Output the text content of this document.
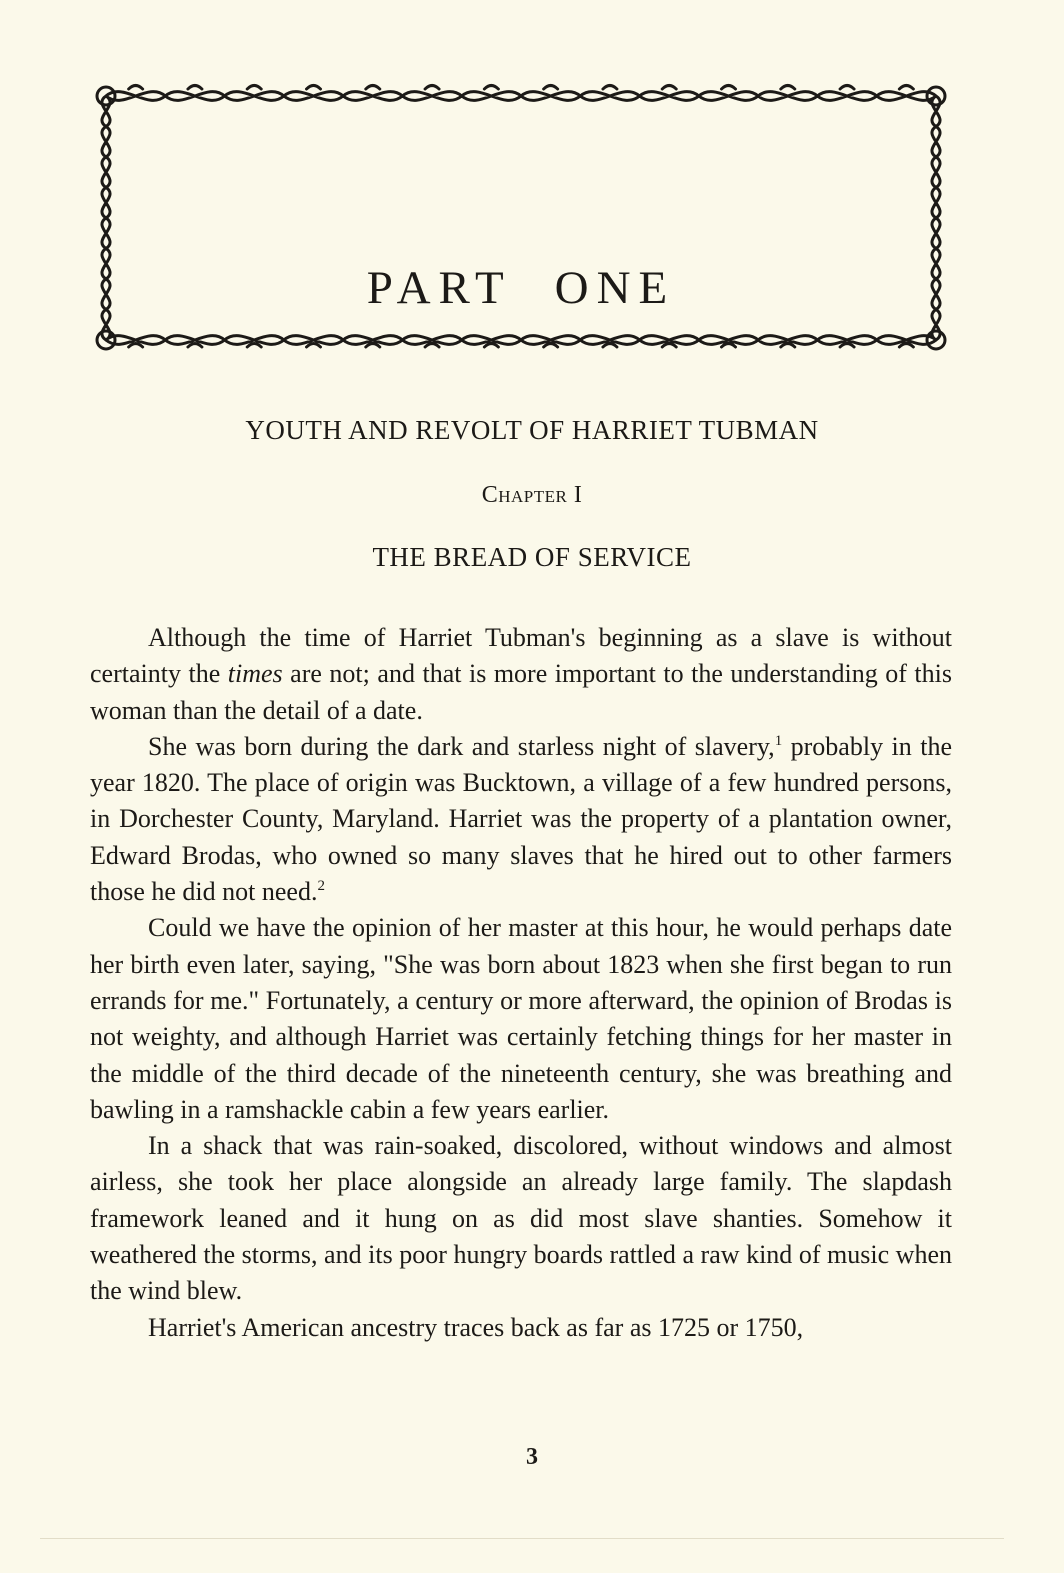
PART ONE
YOUTH AND REVOLT OF HARRIET TUBMAN
Chapter I
THE BREAD OF SERVICE

Although the time of Harriet Tubman's beginning as a slave is without certainty the times are not; and that is more important to the understanding of this woman than the detail of a date.

She was born during the dark and starless night of slavery,$^1$ probably in the year 1820. The place of origin was Bucktown, a village of a few hundred persons, in Dorchester County, Maryland. Harriet was the property of a plantation owner, Edward Brodas, who owned so many slaves that he hired out to other farmers those he did not need.$^2$

Could we have the opinion of her master at this hour, he would perhaps date her birth even later, saying, "She was born about 1823 when she first began to run errands for me." Fortunately, a century or more afterward, the opinion of Brodas is not weighty, and although Harriet was certainly fetching things for her master in the middle of the third decade of the nineteenth century, she was breathing and bawling in a ramshackle cabin a few years earlier.

In a shack that was rain-soaked, discolored, without windows and almost airless, she took her place alongside an already large family. The slapdash framework leaned and it hung on as did most slave shanties. Somehow it weathered the storms, and its poor hungry boards rattled a raw kind of music when the wind blew.

Harriet's American ancestry traces back as far as 1725 or 1750,

3
